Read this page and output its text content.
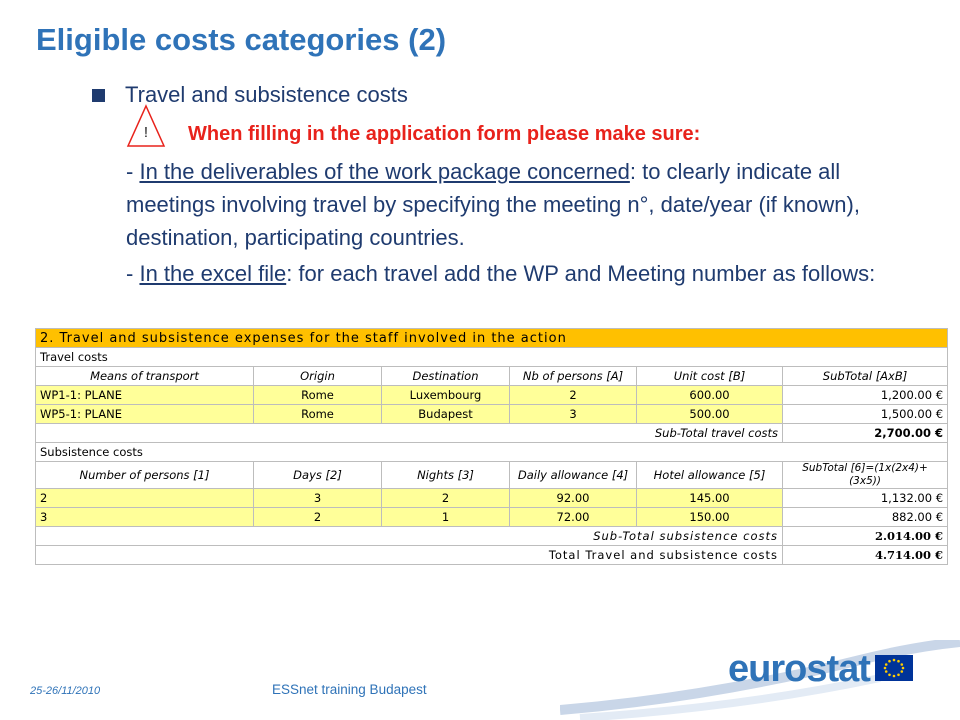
Eligible costs categories (2)
Travel and subsistence costs
!	When filling in the application form please make sure:
- In the deliverables of the work package concerned: to clearly indicate all meetings involving travel by specifying the meeting n°, date/year (if known), destination, participating countries.
- In the excel file: for each travel add the WP and Meeting number as follows:
2. Travel and subsistence expenses for the staff involved in the action					
Travel costs					
Means of transport	Origin	Destination	Nb of persons [A]	Unit cost [B]	SubTotal [AxB]
WP1-1: PLANE	Rome	Luxembourg	2	600.00	1,200.00 €
WP5-1: PLANE	Rome	Budapest	3	500.00	1,500.00 €
Sub-Total travel costs					2,700.00 €
Subsistence costs					
Number of persons [1]	Days [2]	Nights [3]	Daily allowance [4]	Hotel allowance [5]	SubTotal [6]=(1x(2x4)+(3x5))
2	3	2	92.00	145.00	1,132.00 €
3	2	1	72.00	150.00	882.00 €
Sub-Total subsistence costs					2.014.00 €
Total Travel and subsistence costs					4.714.00 €
25-26/11/2010	ESSnet training Budapest	eurostat
